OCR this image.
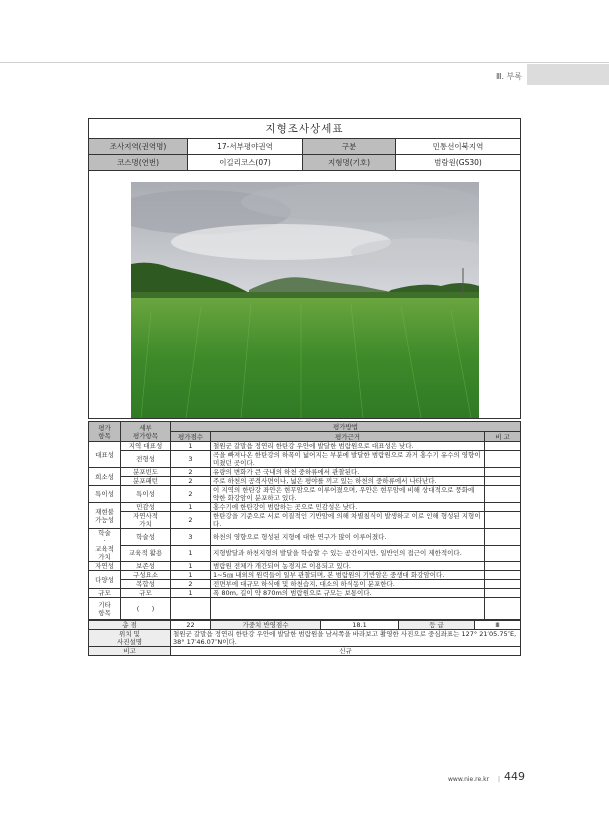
Ⅲ. 부록
지형조사상세표			
조사지역(권역명)	17-서부평야권역	구분	민통선이북지역
코스명(연번)	이길리코스(07)	지형명(기호)	범람원(GS30)

평가
항목	세부
평가항목	평가방법		
		평가점수	평가근거	비 고
대표성	지역 대표성	1	철원군 갈말읍 정연리 한탄강 우안에 발달한 범람원으로 대표성은 낮다.	
	전형성	3	곡을 빠져나온 한탄강의 하폭이 넓어지는 부분에 발달한 범람원으로 과거 홍수기 유수의 영향이 미쳤던 곳이다.	
희소성	분포빈도	2	유량의 변화가 큰 국내의 하천 중하류에서 관찰된다.	
	분포패턴	2	주로 하천의 공격사면이나, 넓은 평야를 끼고 있는 하천의 중하류에서 나타난다.	
특이성	특이성	2	이 지역의 한탄강 좌안은 현무암으로 이루어졌으며, 우안은 현무암에 비해 상대적으로 풍화에 약한 화강암이 분포하고 있다.	
재현불
가능성	민감성	1	홍수기에 한탄강이 범람하는 곳으로 민감성은 낮다.	
	자연사적
가치	2	한탄강을 기준으로 서로 이질적인 기반암에 의해 차별침식이 발생하고 이로 인해 형성된 지형이다.	
학술
·
교육적
가치	학술성	3	하천의 영향으로 형성된 지형에 대한 연구가 많이 이루어졌다.	
	교육적 활용	1	지형발달과 하천지형의 발달을 학습할 수 있는 공간이지만, 일반인의 접근이 제한적이다.	
자연성	보존성	1	범람원 전체가 개간되어 농경지로 이용되고 있다.	
다양성	구성요소	1	1~5㎝ 내외의 원력들이 일부 관찰되며, 본 범람원의 기반암은 중생대 화강암이다.	
	복합성	2	전면부에 대규모 하식애 및 하천습지, 대소의 하식동이 분포한다.	
규모	규모	1	폭 80m, 길이 약 870m의 범람원으로 규모는 보통이다.	
기타
항목	(      )			
총 점	22	가중치 반영점수	18.1	등 급	Ⅲ
위치 및
사진설명	철원군 갈말읍 정연리 한탄강 우안에 발달한 범람원을 남서쪽을 바라보고 촬영한 사진으로 중심좌표는 127° 21′05.75″E, 38° 17′46.07″N이다.				
비고	신규				
www.nie.re.kr | 449
